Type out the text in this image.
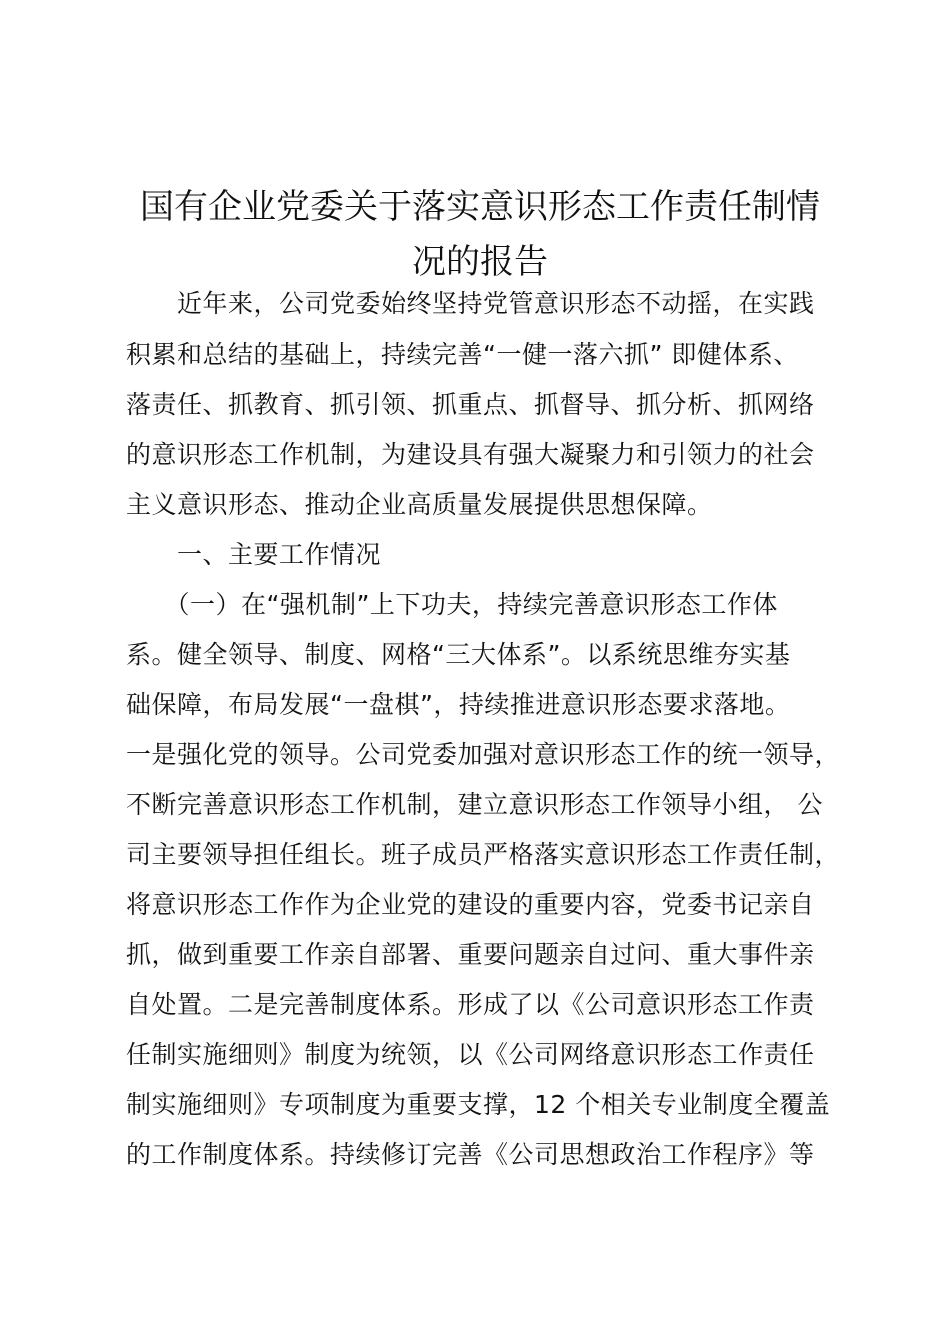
国有企业党委关于落实意识形态工作责任制情
况的报告

　　近年来，公司党委始终坚持党管意识形态不动摇，在实践

积累和总结的基础上，持续完善“一健一落六抓” 即健体系、

落责任、抓教育、抓引领、抓重点、抓督导、抓分析、抓网络

的意识形态工作机制，为建设具有强大凝聚力和引领力的社会

主义意识形态、推动企业高质量发展提供思想保障。

　　一、主要工作情况

　　（一）在“强机制”上下功夫，持续完善意识形态工作体

系。健全领导、制度、网格“三大体系”。以系统思维夯实基

础保障，布局发展“一盘棋”，持续推进意识形态要求落地。

一是强化党的领导。公司党委加强对意识形态工作的统一领导，

不断完善意识形态工作机制，建立意识形态工作领导小组， 公

司主要领导担任组长。班子成员严格落实意识形态工作责任制，

将意识形态工作作为企业党的建设的重要内容，党委书记亲自

抓，做到重要工作亲自部署、重要问题亲自过问、重大事件亲

自处置。二是完善制度体系。形成了以《公司意识形态工作责

任制实施细则》制度为统领，以《公司网络意识形态工作责任

制实施细则》专项制度为重要支撑，12 个相关专业制度全覆盖

的工作制度体系。持续修订完善《公司思想政治工作程序》等
